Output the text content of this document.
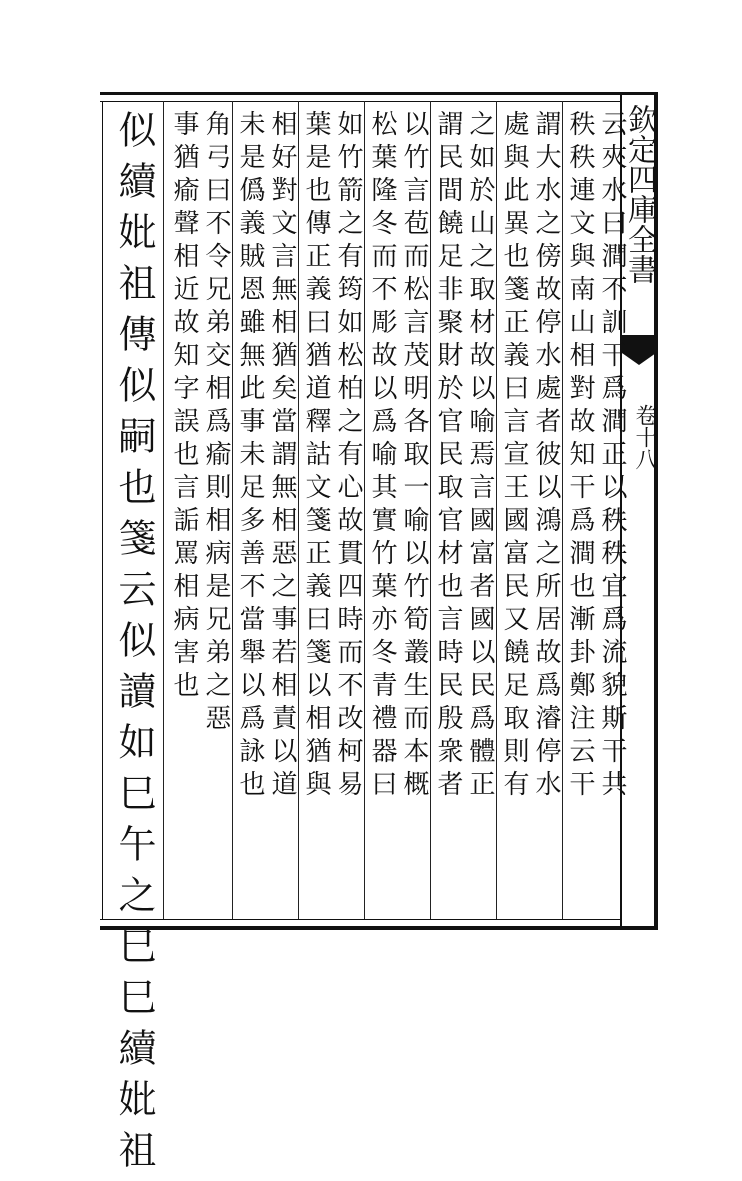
欽定四庫全書
卷十八
云夾水曰澗不訓干爲澗正以秩秩宜爲流貌斯干共
秩秩連文與南山相對故知干爲澗也漸卦鄭注云干
謂大水之傍故停水處者彼以鴻之所居故爲濬停水
處與此異也箋正義曰言宣王國富民又饒足取則有
之如於山之取材故以喻焉言國富者國以民爲體正
謂民間饒足非聚財於官民取官材也言時民殷衆者
以竹言苞而松言茂明各取一喻以竹筍叢生而本概
松葉隆冬而不彫故以爲喻其實竹葉亦冬青禮器曰
如竹箭之有筠如松柏之有心故貫四時而不改柯易
葉是也傳正義曰猶道釋詁文箋正義曰箋以相猶與
相好對文言無相猶矣當謂無相惡之事若相責以道
未是僞義賊恩雖無此事未足多善不當舉以爲詠也
角弓曰不令兄弟交相爲瘉則相病是兄弟之惡
事猶瘉聲相近故知字誤也言詬罵相病害也
似續妣祖傳似嗣也箋云似讀如巳午之巳巳續妣祖
